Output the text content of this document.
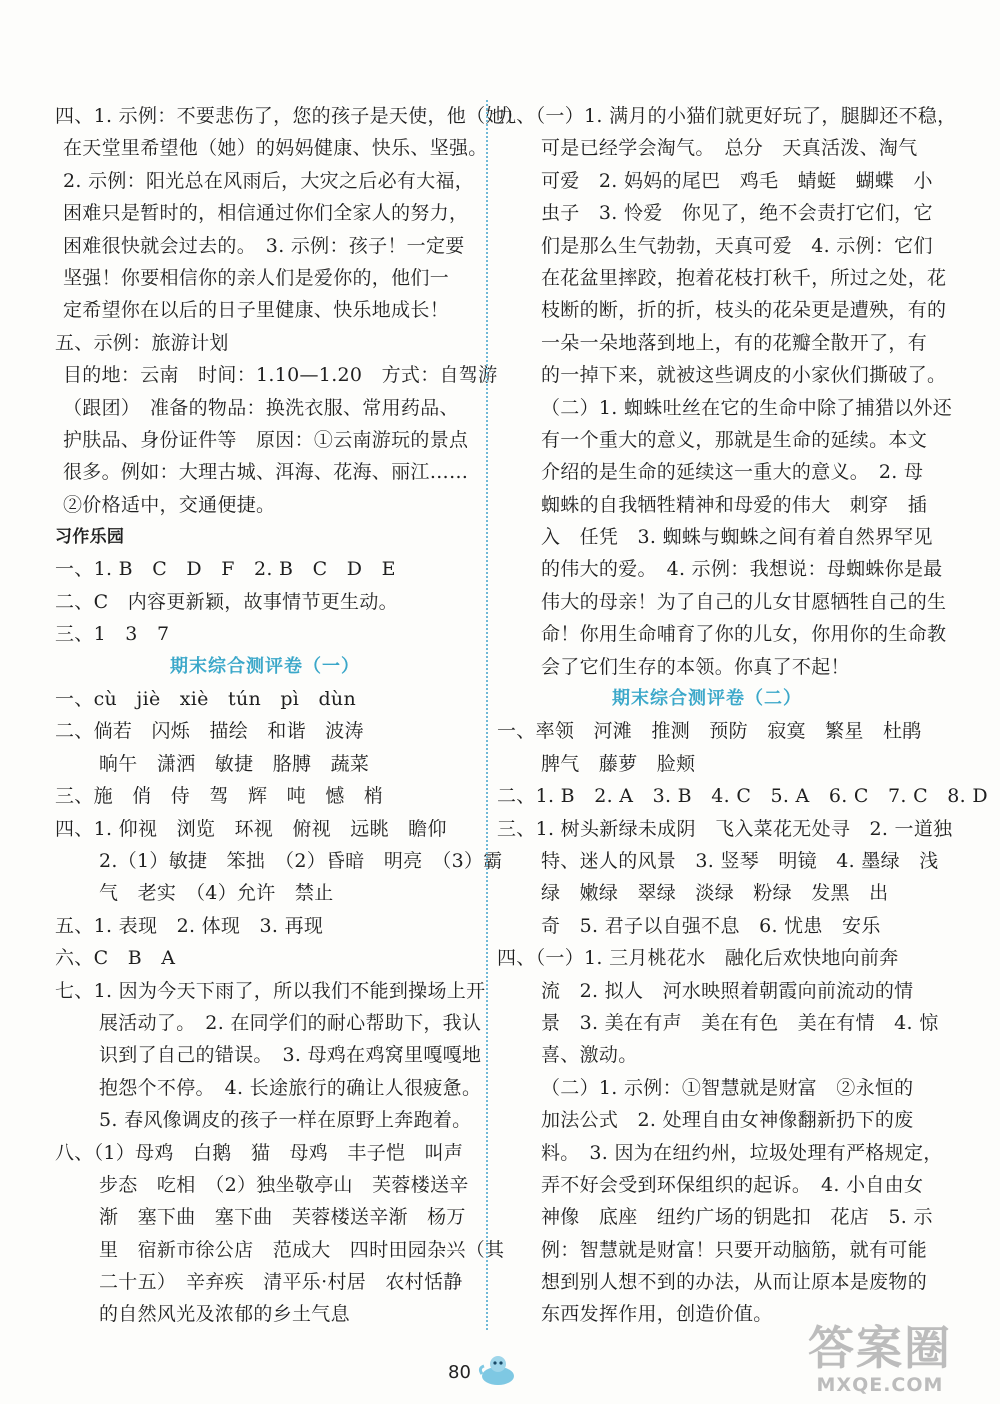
四、1. 示例：不要悲伤了，您的孩子是天使，他（她）
在天堂里希望他（她）的妈妈健康、快乐、坚强。
2. 示例：阳光总在风雨后，大灾之后必有大福，
困难只是暂时的，相信通过你们全家人的努力，
困难很快就会过去的。　3. 示例：孩子！一定要
坚强！你要相信你的亲人们是爱你的，他们一
定希望你在以后的日子里健康、快乐地成长！
五、示例：旅游计划
目的地：云南　时间：1.10—1.20　方式：自驾游
（跟团）　准备的物品：换洗衣服、常用药品、
护肤品、身份证件等　原因：①云南游玩的景点
很多。例如：大理古城、洱海、花海、丽江……
②价格适中，交通便捷。
习作乐园
一、1. B　C　D　F　2. B　C　D　E
二、C　内容更新颖，故事情节更生动。
三、1　3　7
期末综合测评卷（一）
一、cù　jiè　xiè　tún　pì　dùn
二、倘若　闪烁　描绘　和谐　波涛
晌午　潇洒　敏捷　胳膊　蔬菜
三、施　俏　侍　驾　辉　吨　憾　梢
四、1. 仰视　浏览　环视　俯视　远眺　瞻仰
2.（1）敏捷　笨拙　（2）昏暗　明亮　（3）霸
气　老实　（4）允许　禁止
五、1. 表现　2. 体现　3. 再现
六、C　B　A
七、1. 因为今天下雨了，所以我们不能到操场上开
展活动了。　2. 在同学们的耐心帮助下，我认
识到了自己的错误。　3. 母鸡在鸡窝里嘎嘎地
抱怨个不停。　4. 长途旅行的确让人很疲惫。
5. 春风像调皮的孩子一样在原野上奔跑着。
八、（1）母鸡　白鹅　猫　母鸡　丰子恺　叫声
步态　吃相　（2）独坐敬亭山　芙蓉楼送辛
渐　塞下曲　塞下曲　芙蓉楼送辛渐　杨万
里　宿新市徐公店　范成大　四时田园杂兴（其
二十五）　辛弃疾　清平乐·村居　农村恬静
的自然风光及浓郁的乡土气息
九、（一）1. 满月的小猫们就更好玩了，腿脚还不稳，
可是已经学会淘气。　总分　天真活泼、淘气
可爱　2. 妈妈的尾巴　鸡毛　蜻蜓　蝴蝶　小
虫子　3. 怜爱　你见了，绝不会责打它们，它
们是那么生气勃勃，天真可爱　4. 示例：它们
在花盆里摔跤，抱着花枝打秋千，所过之处，花
枝断的断，折的折，枝头的花朵更是遭殃，有的
一朵一朵地落到地上，有的花瓣全散开了，有
的一掉下来，就被这些调皮的小家伙们撕破了。
（二）1. 蜘蛛吐丝在它的生命中除了捕猎以外还
有一个重大的意义，那就是生命的延续。本文
介绍的是生命的延续这一重大的意义。　2. 母
蜘蛛的自我牺牲精神和母爱的伟大　刺穿　插
入　任凭　3. 蜘蛛与蜘蛛之间有着自然界罕见
的伟大的爱。　4. 示例：我想说：母蜘蛛你是最
伟大的母亲！为了自己的儿女甘愿牺牲自己的生
命！你用生命哺育了你的儿女，你用你的生命教
会了它们生存的本领。你真了不起！
期末综合测评卷（二）
一、率领　河滩　推测　预防　寂寞　繁星　杜鹃
脾气　藤萝　脸颊
二、1. B　2. A　3. B　4. C　5. A　6. C　7. C　8. D
三、1. 树头新绿未成阴　飞入菜花无处寻　2. 一道独
特、迷人的风景　3. 竖琴　明镜　4. 墨绿　浅
绿　嫩绿　翠绿　淡绿　粉绿　发黑　出
奇　5. 君子以自强不息　6. 忧患　安乐
四、（一）1. 三月桃花水　融化后欢快地向前奔
流　2. 拟人　河水映照着朝霞向前流动的情
景　3. 美在有声　美在有色　美在有情　4. 惊
喜、激动。
（二）1. 示例：①智慧就是财富　②永恒的
加法公式　2. 处理自由女神像翻新扔下的废
料。　3. 因为在纽约州，垃圾处理有严格规定，
弄不好会受到环保组织的起诉。　4. 小自由女
神像　底座　纽约广场的钥匙扣　花店　5. 示
例：智慧就是财富！只要开动脑筋，就有可能
想到别人想不到的办法，从而让原本是废物的
东西发挥作用，创造价值。
80	答案圈
MXQE.COM
